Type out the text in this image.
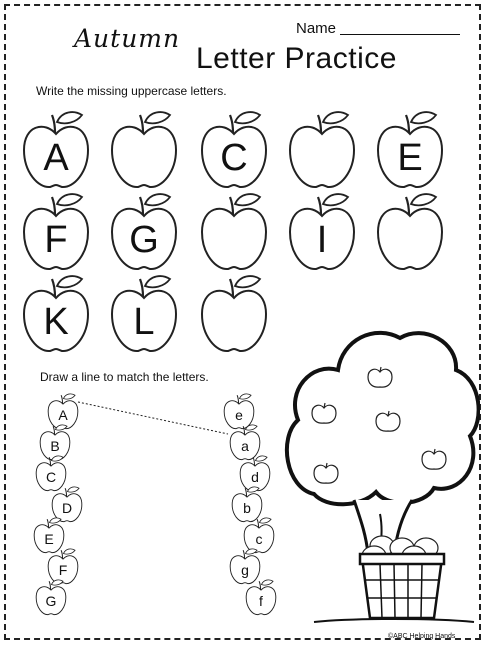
Name
Autumn
Letter Practice
Write the missing uppercase letters.
A	C	E
F	G	I
K	L
Draw a line to match the letters.
A
B
C
D
E
F
G
e
a
d
b
c
g
f
©ABC Helping Hands
